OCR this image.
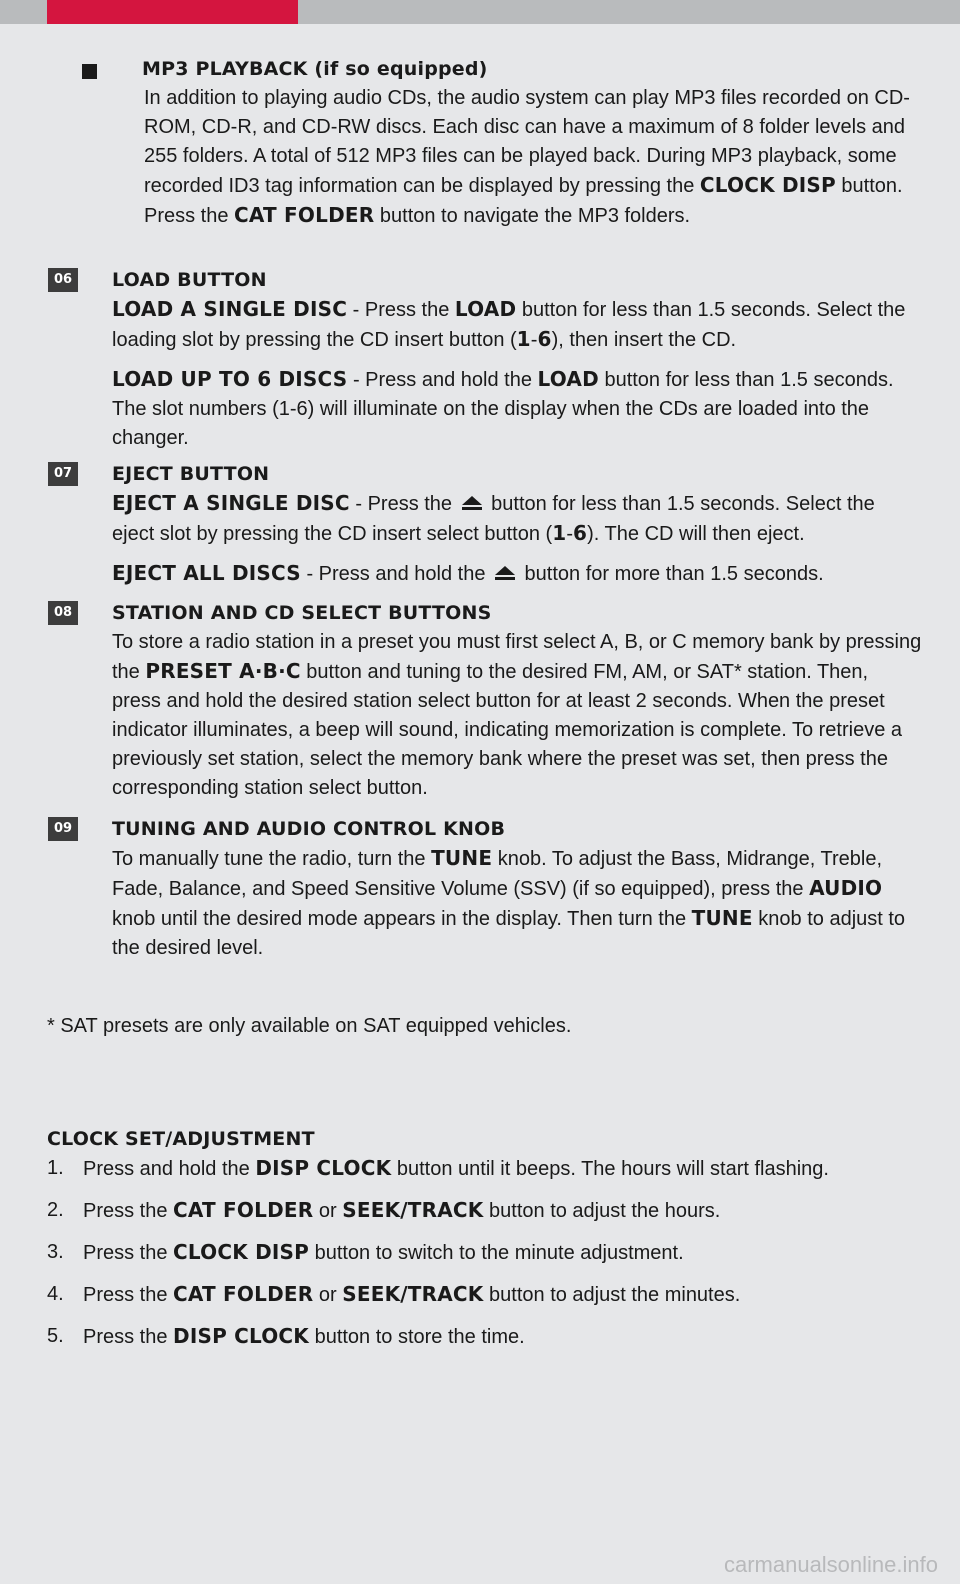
MP3 PLAYBACK (if so equipped)

In addition to playing audio CDs, the audio system can play MP3 files recorded on CD-ROM, CD-R, and CD-RW discs. Each disc can have a maximum of 8 folder levels and 255 folders. A total of 512 MP3 files can be played back. During MP3 playback, some recorded ID3 tag information can be displayed by pressing the CLOCK DISP button. Press the CAT FOLDER button to navigate the MP3 folders.

06	LOAD BUTTON

LOAD A SINGLE DISC - Press the LOAD button for less than 1.5 seconds. Select the loading slot by pressing the CD insert button (1-6), then insert the CD.

LOAD UP TO 6 DISCS - Press and hold the LOAD button for less than 1.5 seconds. The slot numbers (1-6) will illuminate on the display when the CDs are loaded into the changer.

07	EJECT BUTTON

EJECT A SINGLE DISC - Press the  button for less than 1.5 seconds. Select the eject slot by pressing the CD insert select button (1-6). The CD will then eject.

EJECT ALL DISCS - Press and hold the  button for more than 1.5 seconds.

08	STATION AND CD SELECT BUTTONS

To store a radio station in a preset you must first select A, B, or C memory bank by pressing the PRESET A·B·C button and tuning to the desired FM, AM, or SAT* station. Then, press and hold the desired station select button for at least 2 seconds. When the preset indicator illuminates, a beep will sound, indicating memorization is complete. To retrieve a previously set station, select the memory bank where the preset was set, then press the corresponding station select button.

09	TUNING AND AUDIO CONTROL KNOB

To manually tune the radio, turn the TUNE knob. To adjust the Bass, Midrange, Treble, Fade, Balance, and Speed Sensitive Volume (SSV) (if so equipped), press the AUDIO knob until the desired mode appears in the display. Then turn the TUNE knob to adjust to the desired level.

* SAT presets are only available on SAT equipped vehicles.

CLOCK SET/ADJUSTMENT

1. Press and hold the DISP CLOCK button until it beeps. The hours will start flashing.
2. Press the CAT FOLDER or SEEK/TRACK button to adjust the hours.
3. Press the CLOCK DISP button to switch to the minute adjustment.
4. Press the CAT FOLDER or SEEK/TRACK button to adjust the minutes.
5. Press the DISP CLOCK button to store the time.
carmanualsonline.info
